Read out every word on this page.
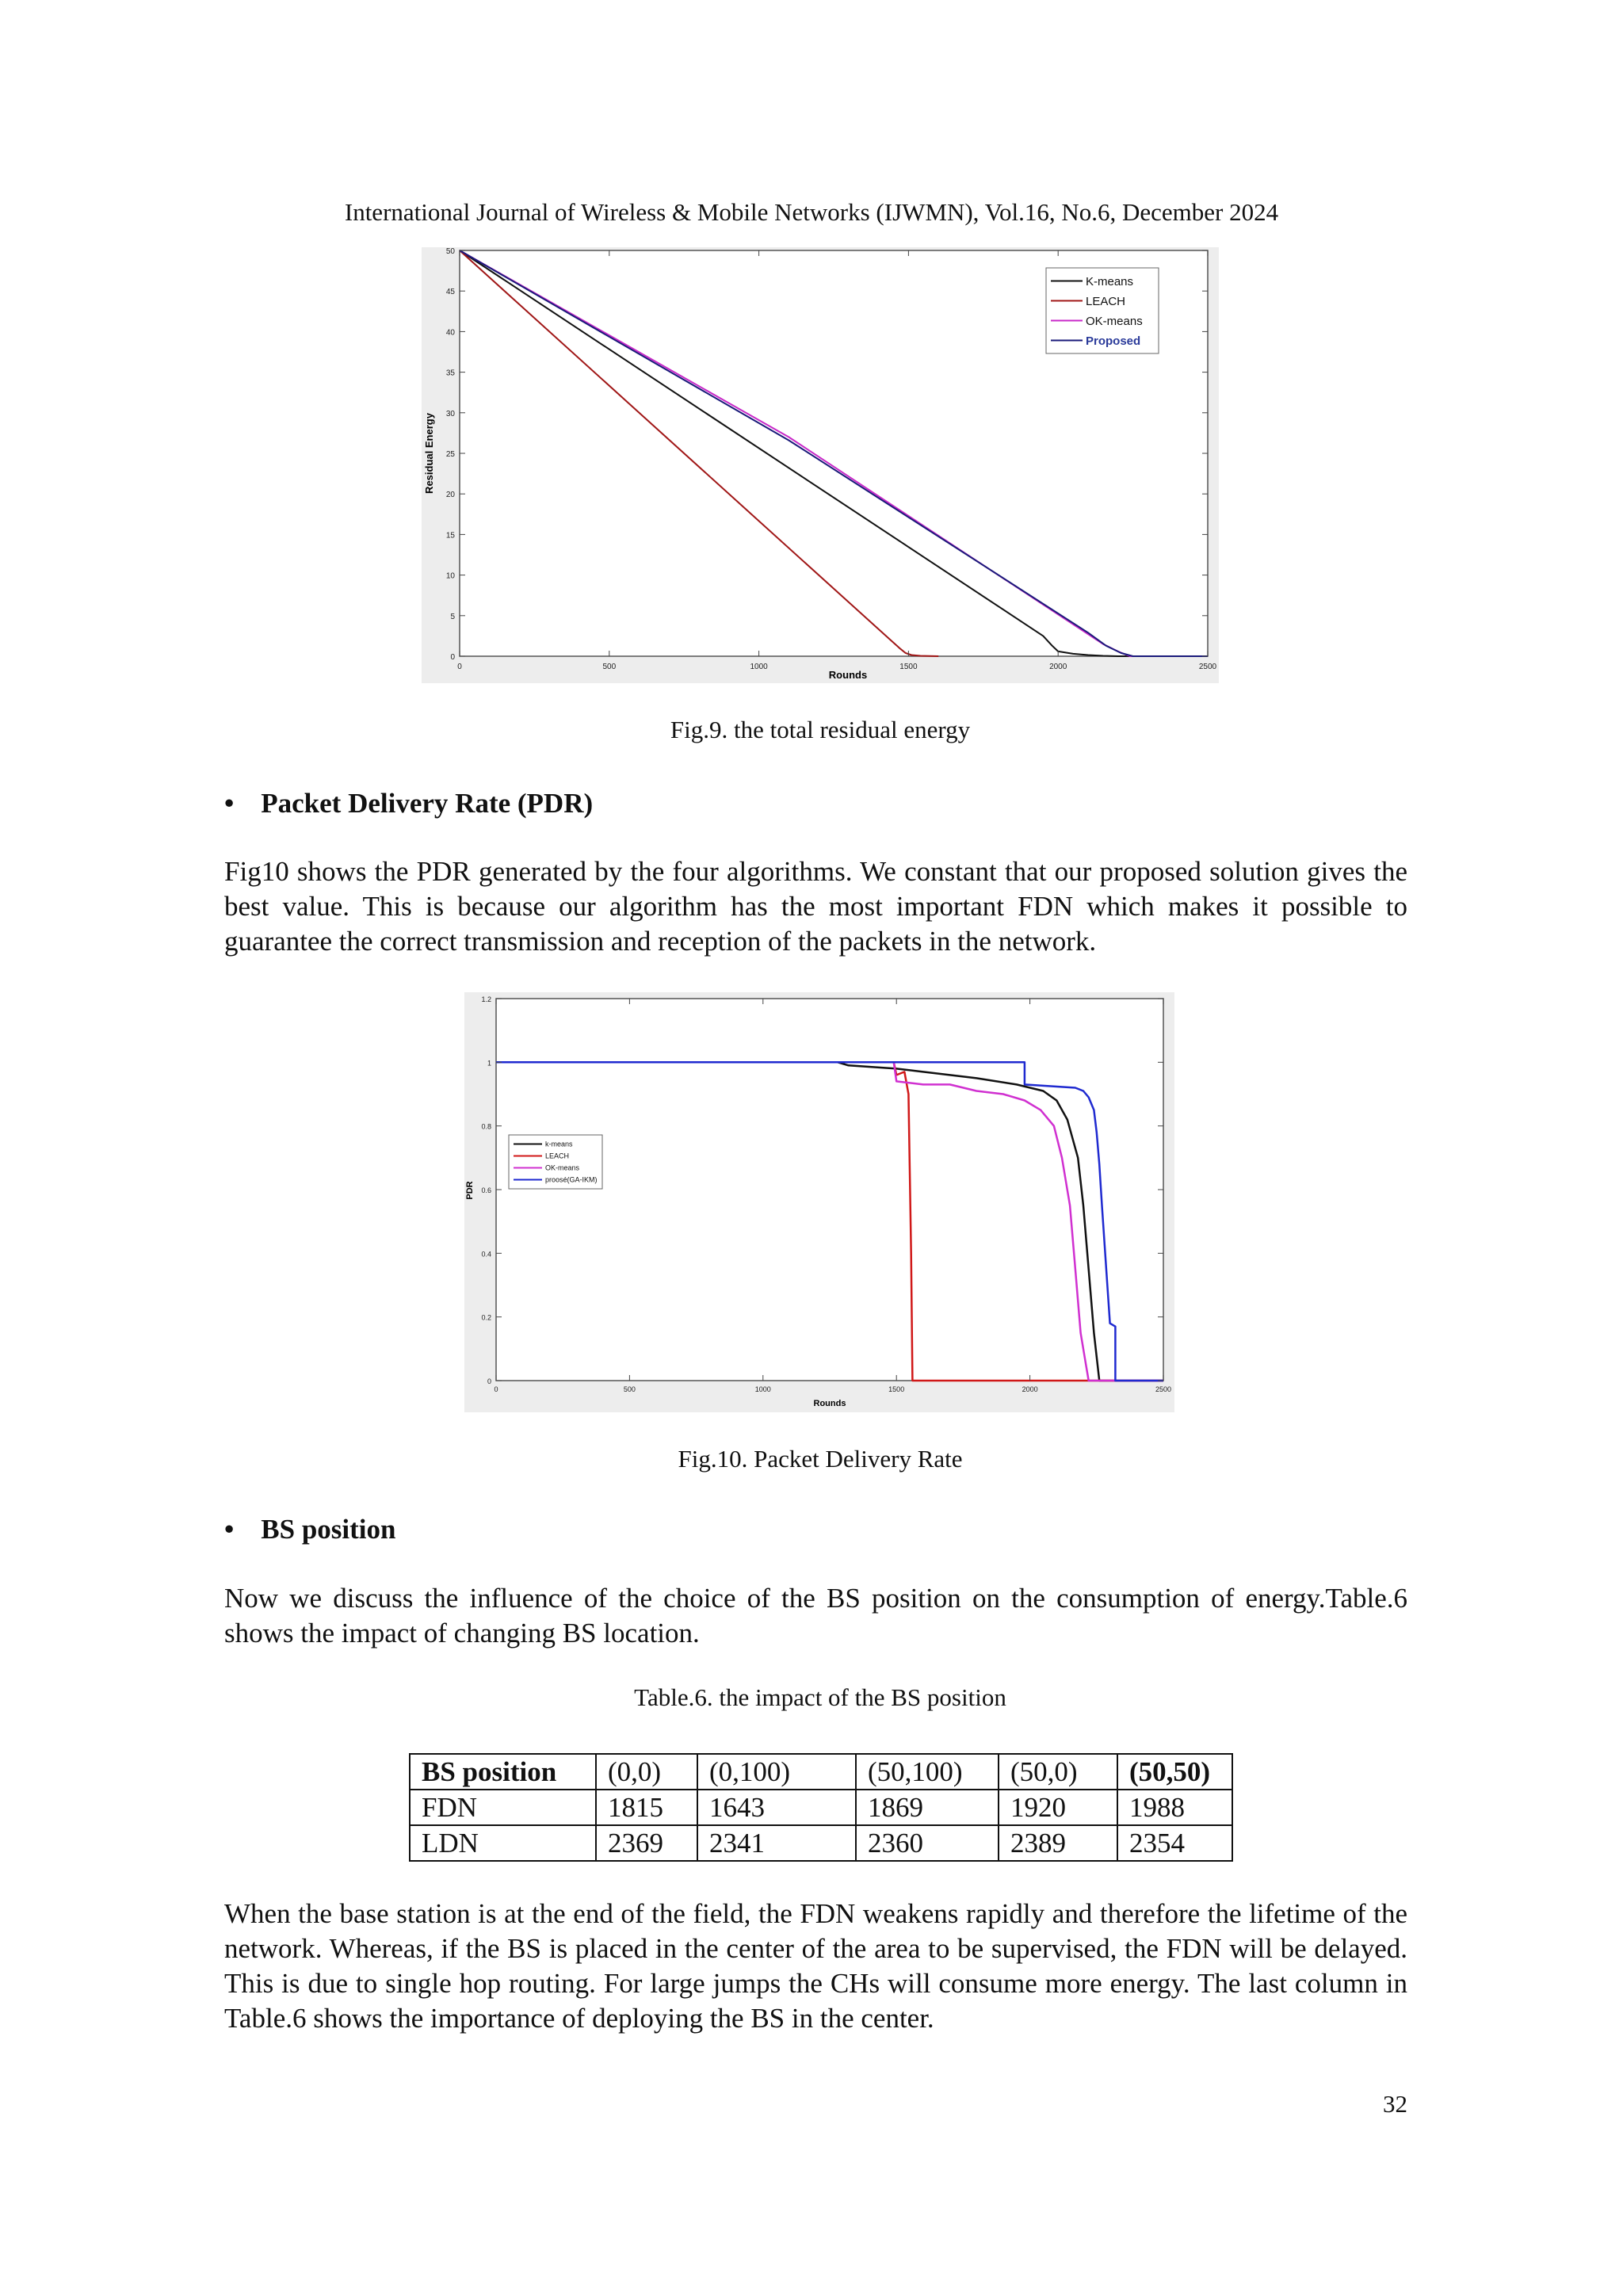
International Journal of Wireless & Mobile Networks (IJWMN), Vol.16, No.6, December 2024
0	500	1000	1500	2000	2500
0
5
10
15
20
25
30
35
40
45
50
Rounds
Residual Energy
K-means
LEACH
OK-means
Proposed
Fig.9. the total residual energy
• Packet Delivery Rate (PDR)
Fig10 shows the PDR generated by the four algorithms. We constant that our proposed solution gives the best value. This is because our algorithm has the most important FDN which makes it possible to guarantee the correct transmission and reception of the packets in the network.
0	500	1000	1500	2000	2500
0
0.2
0.4
0.6
0.8
1
1.2
Rounds
PDR
k-means
LEACH
OK-means
proosé(GA-IKM)
Fig.10. Packet Delivery Rate
• BS position
Now we discuss the influence of the choice of the BS position on the consumption of energy.Table.6 shows the impact of changing BS location.
Table.6. the impact of the BS position
BS position	(0,0)	(0,100)	(50,100)	(50,0)	(50,50)
FDN	1815	1643	1869	1920	1988
LDN	2369	2341	2360	2389	2354
When the base station is at the end of the field, the FDN weakens rapidly and therefore the lifetime of the network. Whereas, if the BS is placed in the center of the area to be supervised, the FDN will be delayed. This is due to single hop routing. For large jumps the CHs will consume more energy. The last column in Table.6 shows the importance of deploying the BS in the center.
32
